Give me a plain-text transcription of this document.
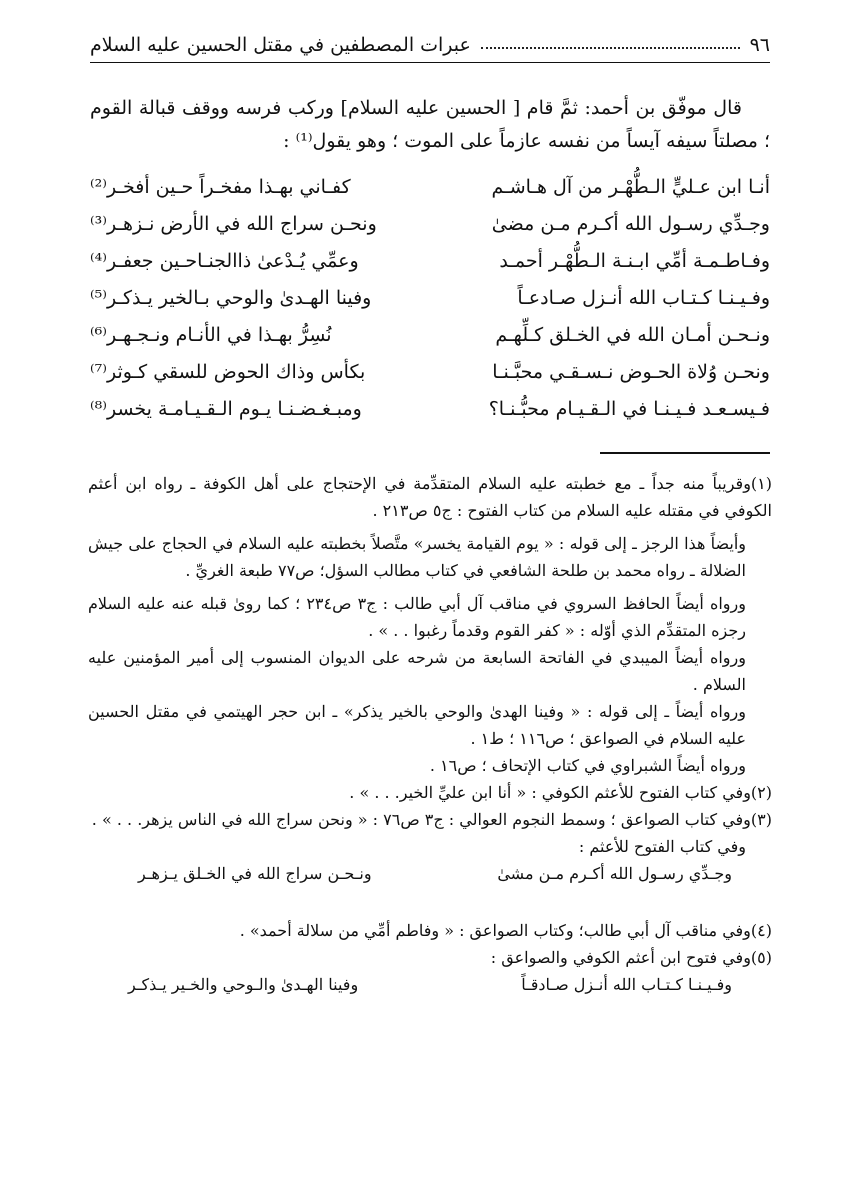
٩٦
عبرات المصطفين في مقتل الحسين عليه السلام

قال موفّق بن أحمد: ثمَّ قام [ الحسين عليه السلام] وركب فرسه ووقف قبالة القوم ؛ مصلتاً سيفه آيساً من نفسه عازماً على الموت ؛ وهو يقول⁽¹⁾ :

أنـا ابن عـليٍّ الـطُّهْـر من آل هـاشـم
كفـاني بهـذا مفخـراً حـين أفخـر⁽²⁾
وجـدِّي رسـول الله أكـرم مـن مضىٰ
ونحـن سراج الله في الأرض نـزهـر⁽³⁾
وفـاطـمـة أمِّي ابـنـة الـطُّهْـر أحمـد
وعمِّي يُـدْعىٰ ذاالجنـاحـين جعفـر⁽⁴⁾
وفـيـنـا كـتـاب الله أنـزل صـادعـاً
وفينا الهـدىٰ والوحي بـالخير يـذكـر⁽⁵⁾
ونـحـن أمـان الله في الخـلق كـلِّهـم
نُسِرُّ بهـذا في الأنـام ونـجـهـر⁽⁶⁾
ونحـن وُلاة الحـوض نـسـقـي محبَّـنـا
بكأس وذاك الحوض للسقي كـوثر⁽⁷⁾
فـيسـعـد فـيـنـا في الـقـيـام محبُّـنـا؟
ومبـغـضـنـا يـوم الـقـيـامـة يخسر⁽⁸⁾

(١)وقريباً منه جداً ـ مع خطبته عليه السلام المتقدِّمة في الإحتجاج على أهل الكوفة ـ رواه ابن أعثم الكوفي في مقتله عليه السلام من كتاب الفتوح : ج٥ ص٢١٣ .

وأيضاً هذا الرجز ـ إلى قوله : « يوم القيامة يخسر» متَّصلاً بخطبته عليه السلام في الحجاج على جيش الضلالة ـ رواه محمد بن طلحة الشافعي في كتاب مطالب السؤل؛ ص٧٧ طبعة الغريِّ .

ورواه أيضاً الحافظ السروي في مناقب آل أبي طالب : ج٣ ص٢٣٤ ؛ كما روىٰ قبله عنه عليه السلام رجزه المتقدِّم الذي أوّله : « كفر القوم وقدماً رغبوا . . » .

ورواه أيضاً الميبدي في الفاتحة السابعة من شرحه على الديوان المنسوب إلى أمير المؤمنين عليه السلام .

ورواه أيضاً ـ إلى قوله : « وفينا الهدىٰ والوحي بالخير يذكر» ـ ابن حجر الهيتمي في مقتل الحسين عليه السلام في الصواعق ؛ ص١١٦ ؛ ط١ .

ورواه أيضاً الشبراوي في كتاب الإتحاف ؛ ص١٦ .

(٢)وفي كتاب الفتوح للأعثم الكوفي : « أنا ابن عليِّ الخير. . . » .

(٣)وفي كتاب الصواعق ؛ وسمط النجوم العوالي : ج٣ ص٧٦ : « ونحن سراج الله في الناس يزهر. . . » .

وفي كتاب الفتوح للأعثم :

وجـدِّي رسـول الله أكـرم مـن مشىٰ
ونـحـن سراج الله في الخـلق يـزهـر

(٤)وفي مناقب آل أبي طالب؛ وكتاب الصواعق : « وفاطم أمِّي من سلالة أحمد» .

(٥)وفي فتوح ابن أعثم الكوفي والصواعق :

وفـيـنـا كـتـاب الله أنـزل صـادقـاً
وفينا الهـدىٰ والـوحي والخـير يـذكـر
